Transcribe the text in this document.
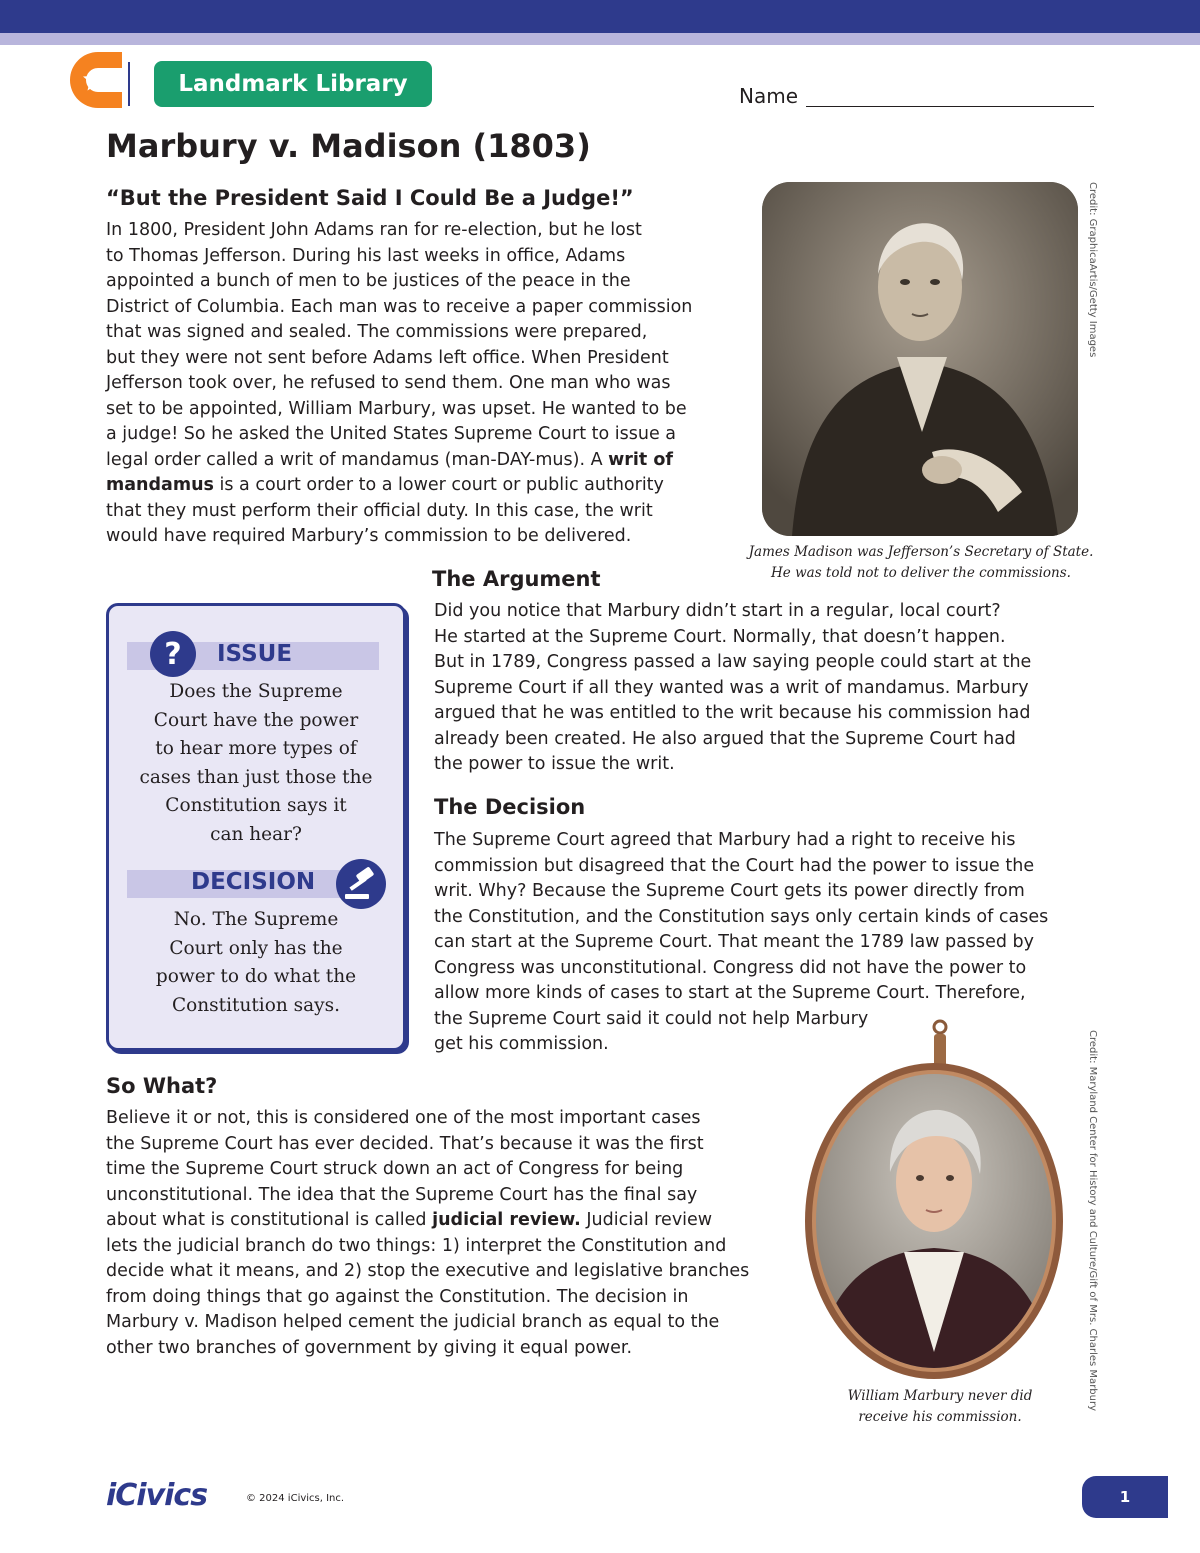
Landmark Library	Name
Marbury v. Madison (1803)
“But the President Said I Could Be a Judge!”
In 1800, President John Adams ran for re-election, but he lost
to Thomas Jefferson. During his last weeks in office, Adams
appointed a bunch of men to be justices of the peace in the
District of Columbia. Each man was to receive a paper commission
that was signed and sealed. The commissions were prepared,
but they were not sent before Adams left office. When President
Jefferson took over, he refused to send them. One man who was
set to be appointed, William Marbury, was upset. He wanted to be
a judge! So he asked the United States Supreme Court to issue a
legal order called a writ of mandamus (man-DAY-mus). A writ of
mandamus is a court order to a lower court or public authority
that they must perform their official duty. In this case, the writ
would have required Marbury’s commission to be delivered.
Credit: GraphicaArtis/Getty Images
James Madison was Jefferson’s Secretary of State.
He was told not to deliver the commissions.
? ISSUE
Does the Supreme
Court have the power
to hear more types of
cases than just those the
Constitution says it
can hear?
DECISION
No. The Supreme
Court only has the
power to do what the
Constitution says.
The Argument
Did you notice that Marbury didn’t start in a regular, local court?
He started at the Supreme Court. Normally, that doesn’t happen.
But in 1789, Congress passed a law saying people could start at the
Supreme Court if all they wanted was a writ of mandamus. Marbury
argued that he was entitled to the writ because his commission had
already been created. He also argued that the Supreme Court had
the power to issue the writ.
The Decision
The Supreme Court agreed that Marbury had a right to receive his
commission but disagreed that the Court had the power to issue the
writ. Why? Because the Supreme Court gets its power directly from
the Constitution, and the Constitution says only certain kinds of cases
can start at the Supreme Court. That meant the 1789 law passed by
Congress was unconstitutional. Congress did not have the power to
allow more kinds of cases to start at the Supreme Court. Therefore,
the Supreme Court said it could not help Marbury
get his commission.
So What?
Believe it or not, this is considered one of the most important cases
the Supreme Court has ever decided. That’s because it was the first
time the Supreme Court struck down an act of Congress for being
unconstitutional. The idea that the Supreme Court has the final say
about what is constitutional is called judicial review. Judicial review
lets the judicial branch do two things: 1) interpret the Constitution and
decide what it means, and 2) stop the executive and legislative branches
from doing things that go against the Constitution. The decision in
Marbury v. Madison helped cement the judicial branch as equal to the
other two branches of government by giving it equal power.	Credit: Maryland Center for History and Culture/Gift of Mrs. Charles Marbury
William Marbury never did
receive his commission.
iCivics	© 2024 iCivics, Inc.	1
